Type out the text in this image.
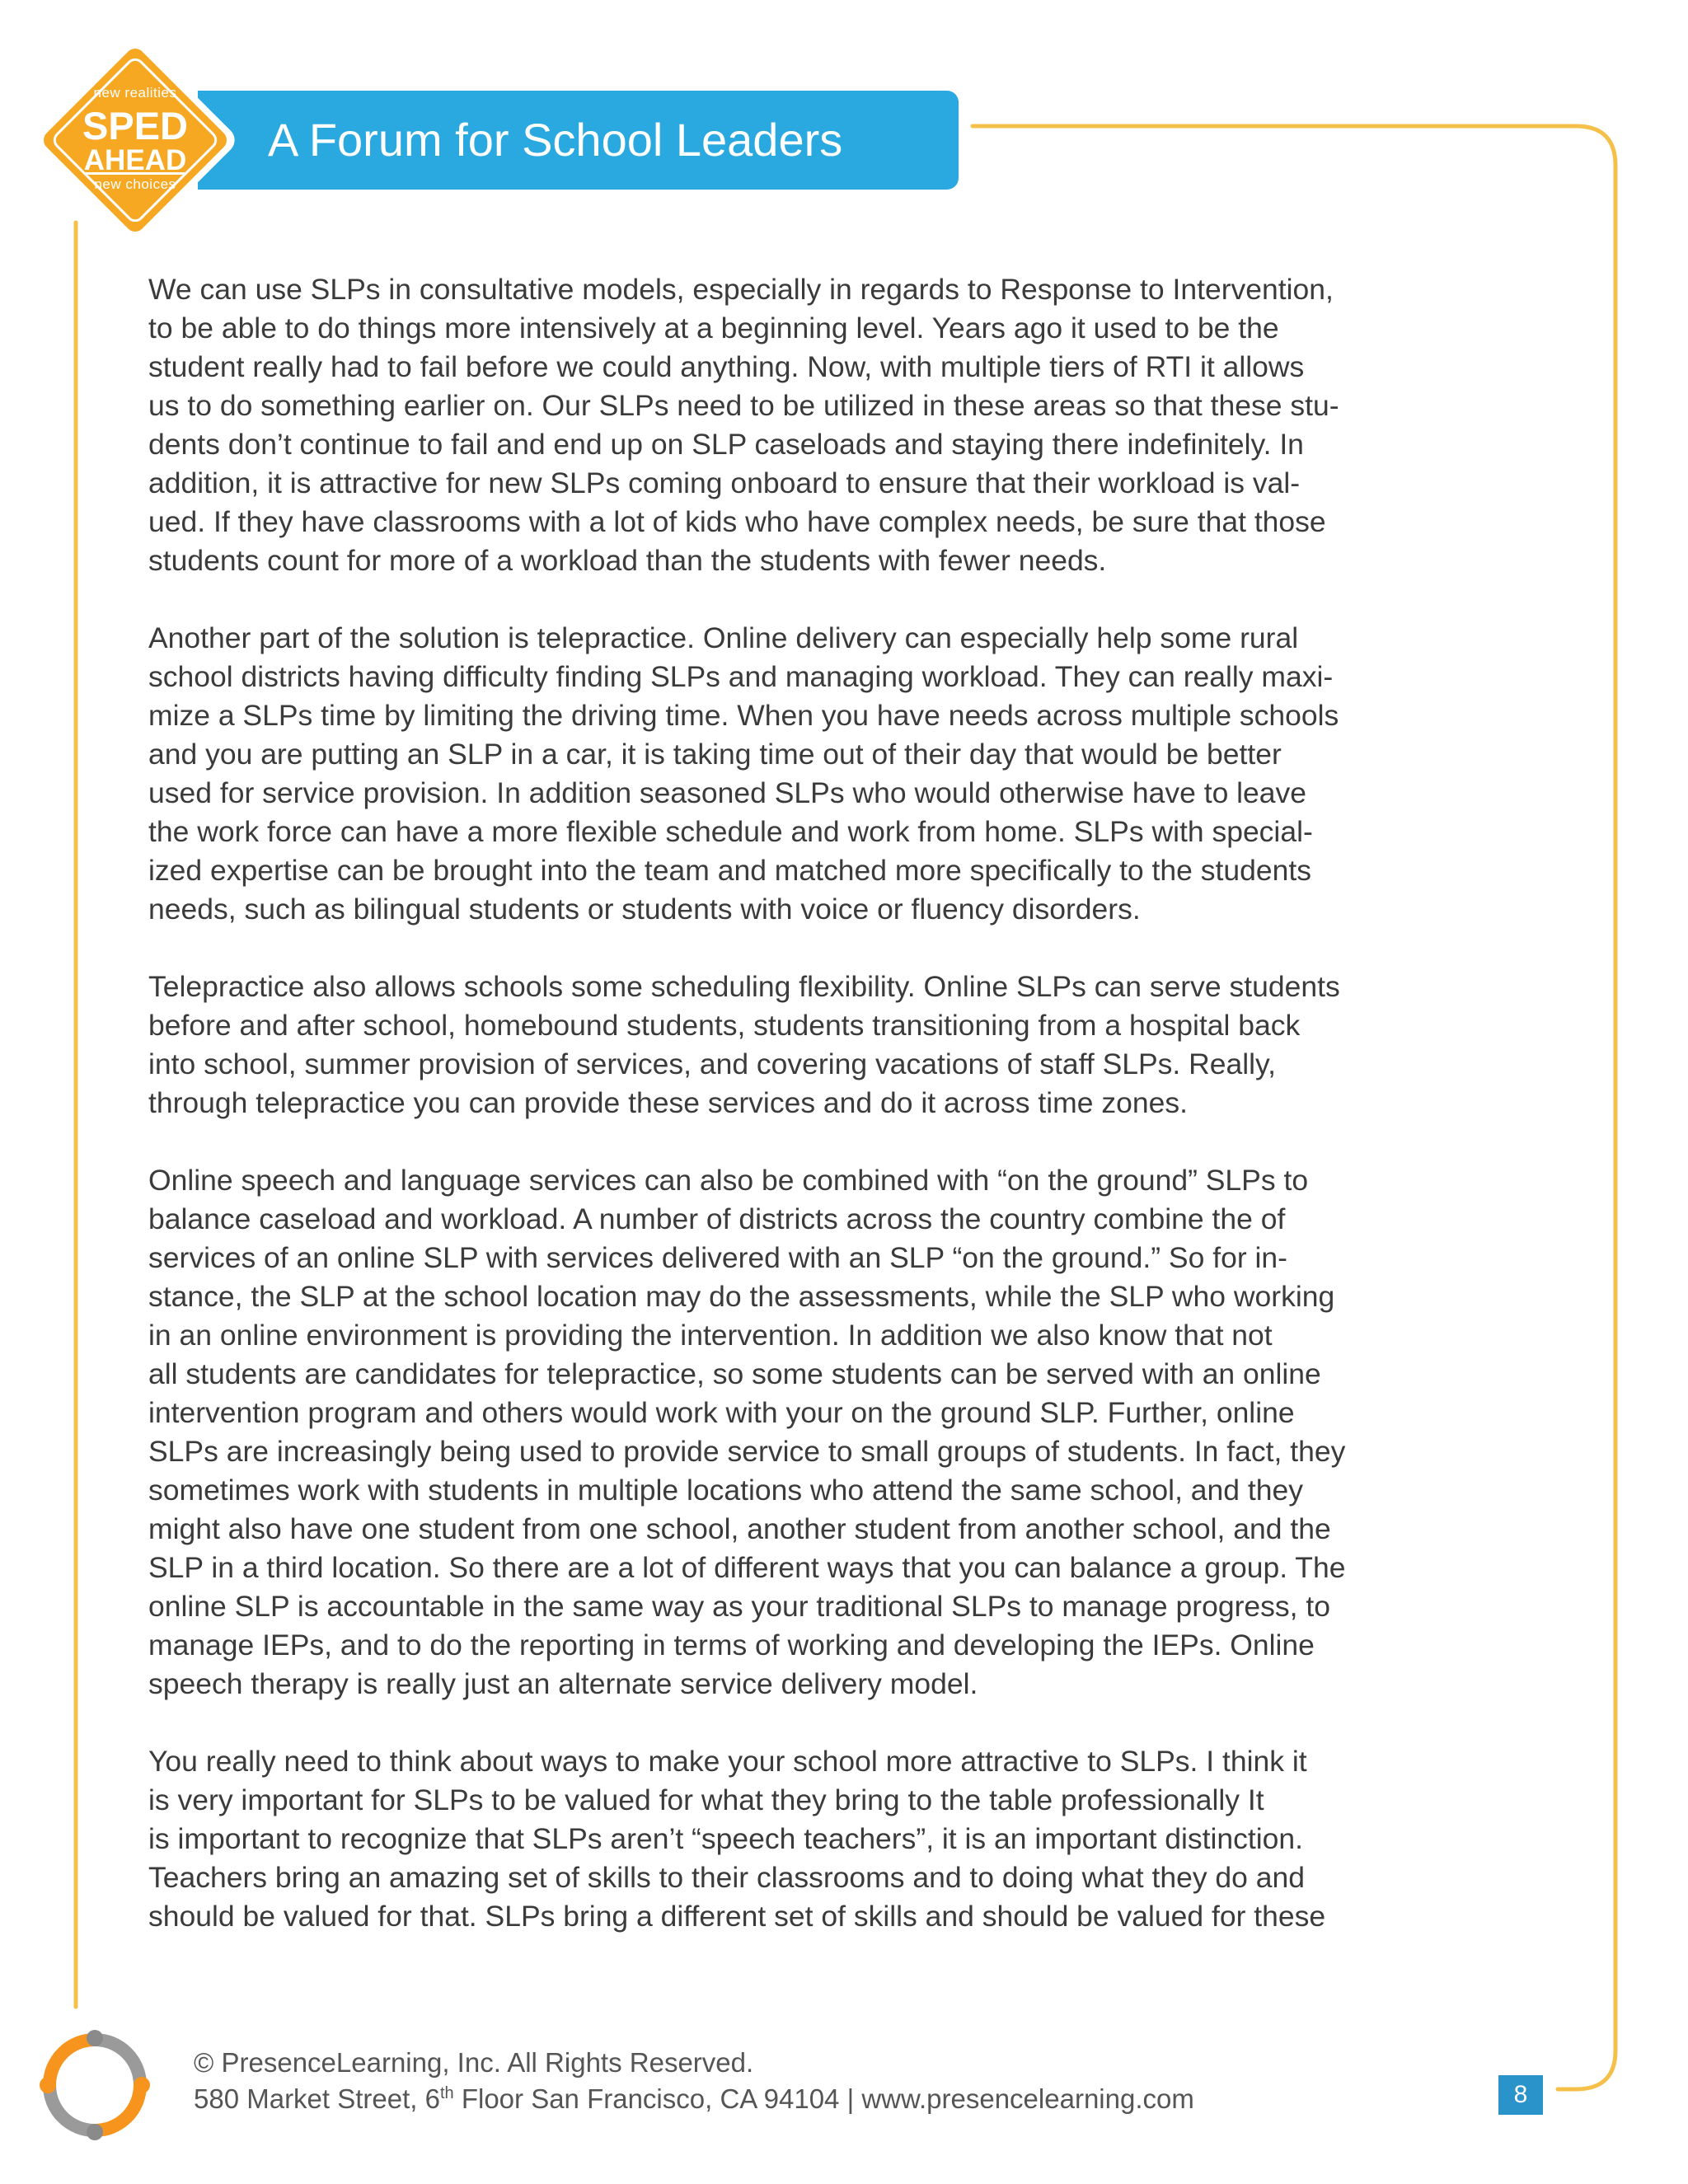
A Forum for School Leaders
new realities
SPED
AHEAD
new choices

We can use SLPs in consultative models, especially in regards to Response to Intervention,
to be able to do things more intensively at a beginning level. Years ago it used to be the
student really had to fail before we could anything. Now, with multiple tiers of RTI it allows
us to do something earlier on. Our SLPs need to be utilized in these areas so that these stu-
dents don’t continue to fail and end up on SLP caseloads and staying there indefinitely. In
addition, it is attractive for new SLPs coming onboard to ensure that their workload is val-
ued. If they have classrooms with a lot of kids who have complex needs, be sure that those
students count for more of a workload than the students with fewer needs.

Another part of the solution is telepractice. Online delivery can especially help some rural
school districts having difficulty finding SLPs and managing workload. They can really maxi-
mize a SLPs time by limiting the driving time. When you have needs across multiple schools
and you are putting an SLP in a car, it is taking time out of their day that would be better
used for service provision. In addition seasoned SLPs who would otherwise have to leave
the work force can have a more flexible schedule and work from home. SLPs with special-
ized expertise can be brought into the team and matched more specifically to the students
needs, such as bilingual students or students with voice or fluency disorders.

Telepractice also allows schools some scheduling flexibility. Online SLPs can serve students
before and after school, homebound students, students transitioning from a hospital back
into school, summer provision of services, and covering vacations of staff SLPs. Really,
through telepractice you can provide these services and do it across time zones.

Online speech and language services can also be combined with “on the ground” SLPs to
balance caseload and workload. A number of districts across the country combine the of
services of an online SLP with services delivered with an SLP “on the ground.” So for in-
stance, the SLP at the school location may do the assessments, while the SLP who working
in an online environment is providing the intervention. In addition we also know that not
all students are candidates for telepractice, so some students can be served with an online
intervention program and others would work with your on the ground SLP. Further, online
SLPs are increasingly being used to provide service to small groups of students. In fact, they
sometimes work with students in multiple locations who attend the same school, and they
might also have one student from one school, another student from another school, and the
SLP in a third location. So there are a lot of different ways that you can balance a group. The
online SLP is accountable in the same way as your traditional SLPs to manage progress, to
manage IEPs, and to do the reporting in terms of working and developing the IEPs. Online
speech therapy is really just an alternate service delivery model.

You really need to think about ways to make your school more attractive to SLPs. I think it
is very important for SLPs to be valued for what they bring to the table professionally It
is important to recognize that SLPs aren’t “speech teachers”, it is an important distinction.
Teachers bring an amazing set of skills to their classrooms and to doing what they do and
should be valued for that. SLPs bring a different set of skills and should be valued for these

© PresenceLearning, Inc. All Rights Reserved.
580 Market Street, 6th Floor San Francisco, CA 94104 | www.presencelearning.com	8
